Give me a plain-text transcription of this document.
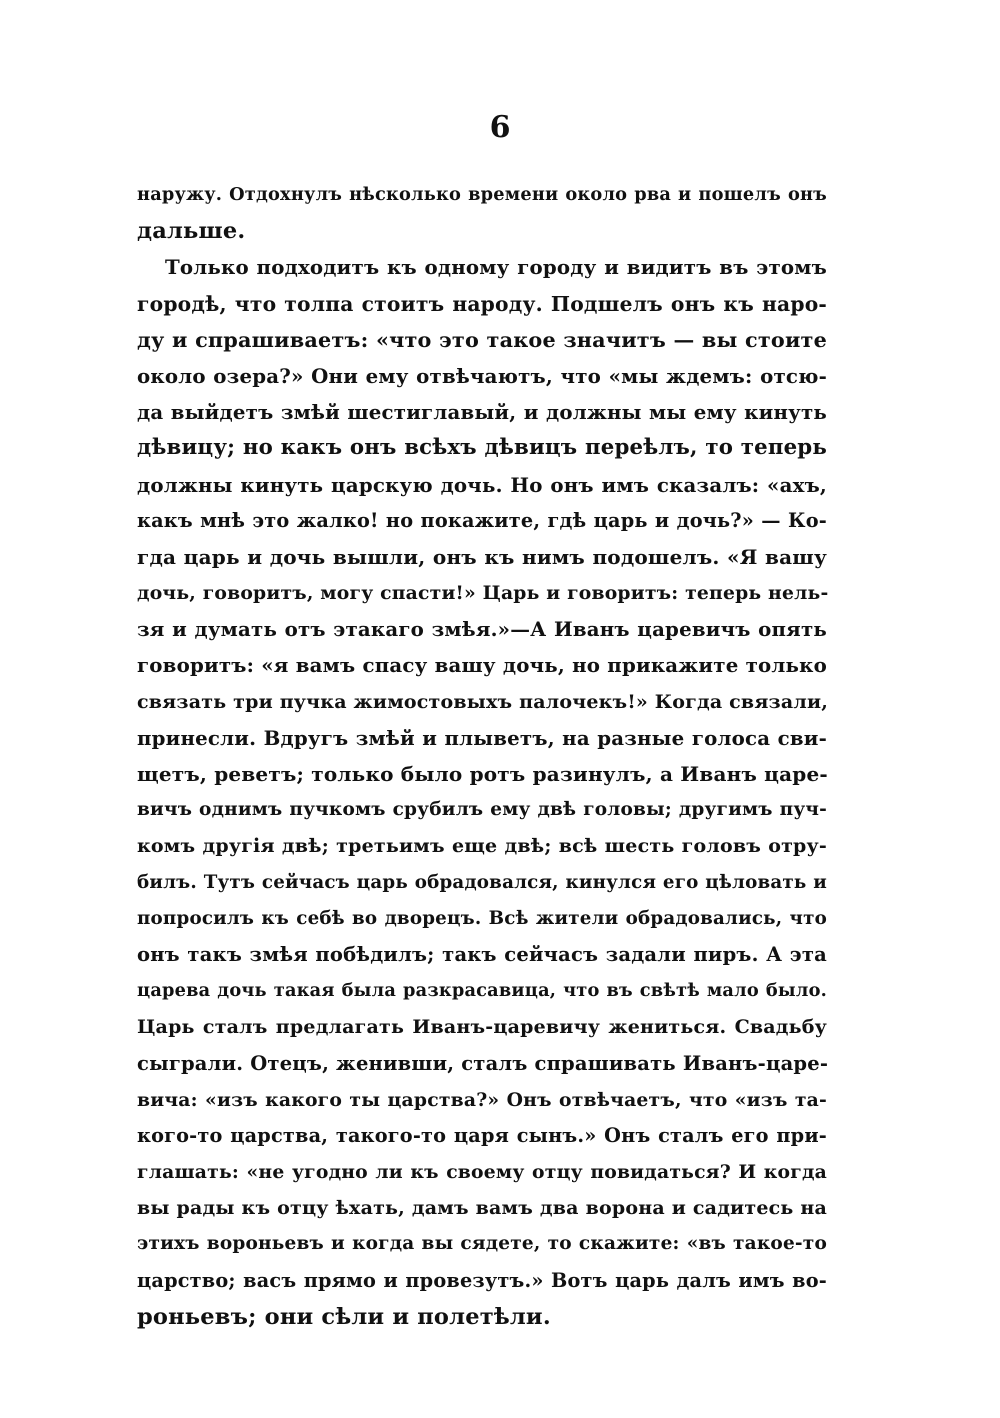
6
наружу. Отдохнулъ нѣсколько времени около рва и пошелъ онъ
дальше.
Только подходитъ къ одному городу и видитъ въ этомъ
городѣ, что толпа стоитъ народу. Подшелъ онъ къ наро-
ду и спрашиваетъ: «что это такое значитъ — вы стоите
около озера?» Они ему отвѣчаютъ, что «мы ждемъ: отсю-
да выйдетъ змѣй шестиглавый, и должны мы ему кинуть
дѣвицу; но какъ онъ всѣхъ дѣвицъ переѣлъ, то теперь
должны кинуть царскую дочь. Но онъ имъ сказалъ: «ахъ,
какъ мнѣ это жалко! но покажите, гдѣ царь и дочь?» — Ко-
гда царь и дочь вышли, онъ къ нимъ подошелъ. «Я вашу
дочь, говоритъ, могу спасти!» Царь и говоритъ: теперь нель-
зя и думать отъ этакаго змѣя.»—А Иванъ царевичъ опять
говоритъ: «я вамъ спасу вашу дочь, но прикажите только
связать три пучка жимостовыхъ палочекъ!» Когда связали,
принесли. Вдругъ змѣй и плыветъ, на разные голоса сви-
щетъ, реветъ; только было ротъ разинулъ, а Иванъ царе-
вичъ однимъ пучкомъ срубилъ ему двѣ головы; другимъ пуч-
комъ другія двѣ; третьимъ еще двѣ; всѣ шесть головъ отру-
билъ. Тутъ сейчасъ царь обрадовался, кинулся его цѣловать и
попросилъ къ себѣ во дворецъ. Всѣ жители обрадовались, что
онъ такъ змѣя побѣдилъ; такъ сейчасъ задали пиръ. А эта
царева дочь такая была разкрасавица, что въ свѣтѣ мало было.
Царь сталъ предлагать Иванъ-царевичу жениться. Свадьбу
сыграли. Отецъ, женивши, сталъ спрашивать Иванъ-царе-
вича: «изъ какого ты царства?» Онъ отвѣчаетъ, что «изъ та-
кого-то царства, такого-то царя сынъ.» Онъ сталъ его при-
глашать: «не угодно ли къ своему отцу повидаться? И когда
вы рады къ отцу ѣхать, дамъ вамъ два ворона и садитесь на
этихъ вороньевъ и когда вы сядете, то скажите: «въ такое-то
царство; васъ прямо и провезутъ.» Вотъ царь далъ имъ во-
роньевъ; они сѣли и полетѣли.
